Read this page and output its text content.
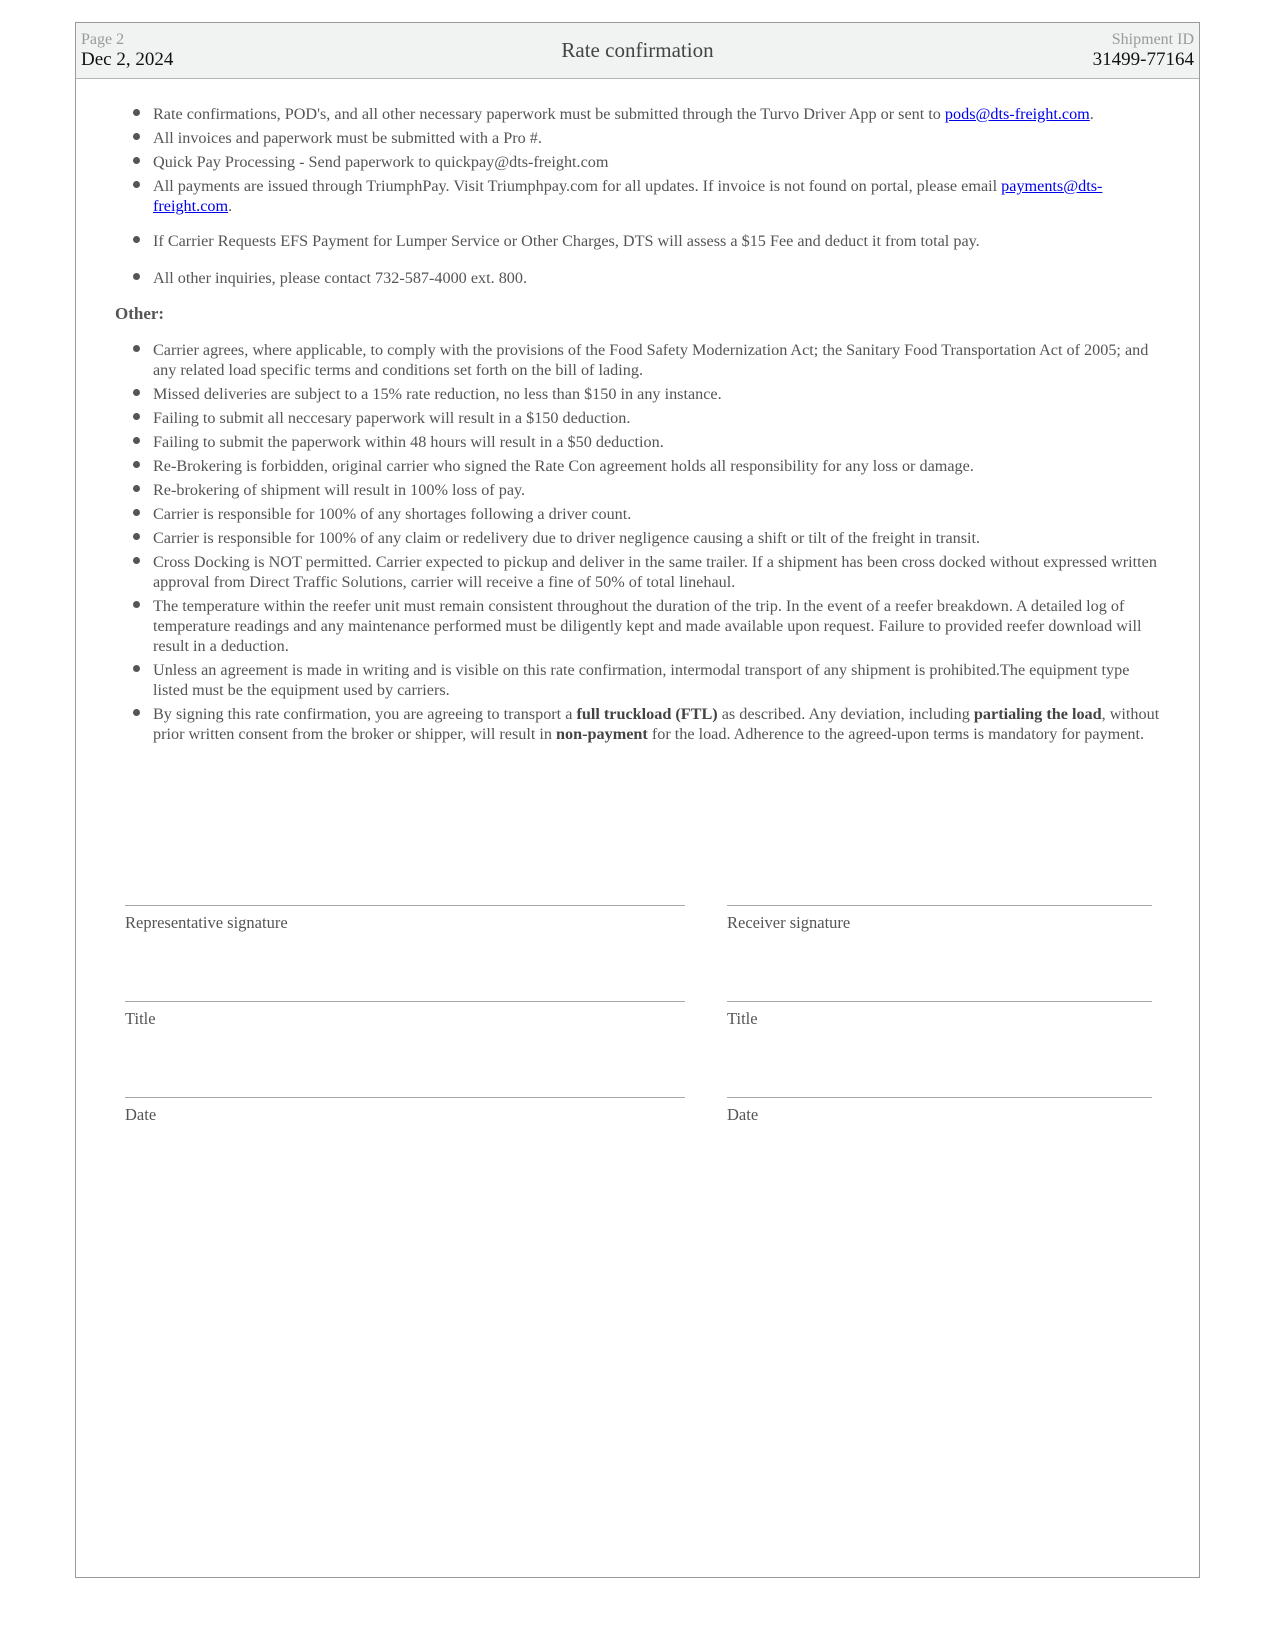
Page 2
Dec 2, 2024	Rate confirmation	Shipment ID
31499-77164
Rate confirmations, POD's, and all other necessary paperwork must be submitted through the Turvo Driver App or sent to pods@dts-freight.com.
All invoices and paperwork must be submitted with a Pro #.
Quick Pay Processing - Send paperwork to quickpay@dts-freight.com
All payments are issued through TriumphPay. Visit Triumphpay.com for all updates. If invoice is not found on portal, please email payments@dts-freight.com.
If Carrier Requests EFS Payment for Lumper Service or Other Charges, DTS will assess a $15 Fee and deduct it from total pay.
All other inquiries, please contact 732-587-4000 ext. 800.
Other:
Carrier agrees, where applicable, to comply with the provisions of the Food Safety Modernization Act; the Sanitary Food Transportation Act of 2005; and any related load specific terms and conditions set forth on the bill of lading.
Missed deliveries are subject to a 15% rate reduction, no less than $150 in any instance.
Failing to submit all neccesary paperwork will result in a $150 deduction.
Failing to submit the paperwork within 48 hours will result in a $50 deduction.
Re-Brokering is forbidden, original carrier who signed the Rate Con agreement holds all responsibility for any loss or damage.
Re-brokering of shipment will result in 100% loss of pay.
Carrier is responsible for 100% of any shortages following a driver count.
Carrier is responsible for 100% of any claim or redelivery due to driver negligence causing a shift or tilt of the freight in transit.
Cross Docking is NOT permitted. Carrier expected to pickup and deliver in the same trailer. If a shipment has been cross docked without expressed written approval from Direct Traffic Solutions, carrier will receive a fine of 50% of total linehaul.
The temperature within the reefer unit must remain consistent throughout the duration of the trip. In the event of a reefer breakdown. A detailed log of temperature readings and any maintenance performed must be diligently kept and made available upon request. Failure to provided reefer download will result in a deduction.
Unless an agreement is made in writing and is visible on this rate confirmation, intermodal transport of any shipment is prohibited.The equipment type listed must be the equipment used by carriers.
By signing this rate confirmation, you are agreeing to transport a full truckload (FTL) as described. Any deviation, including partialing the load, without prior written consent from the broker or shipper, will result in non-payment for the load. Adherence to the agreed-upon terms is mandatory for payment.
Representative signature	Receiver signature
Title	Title
Date	Date
